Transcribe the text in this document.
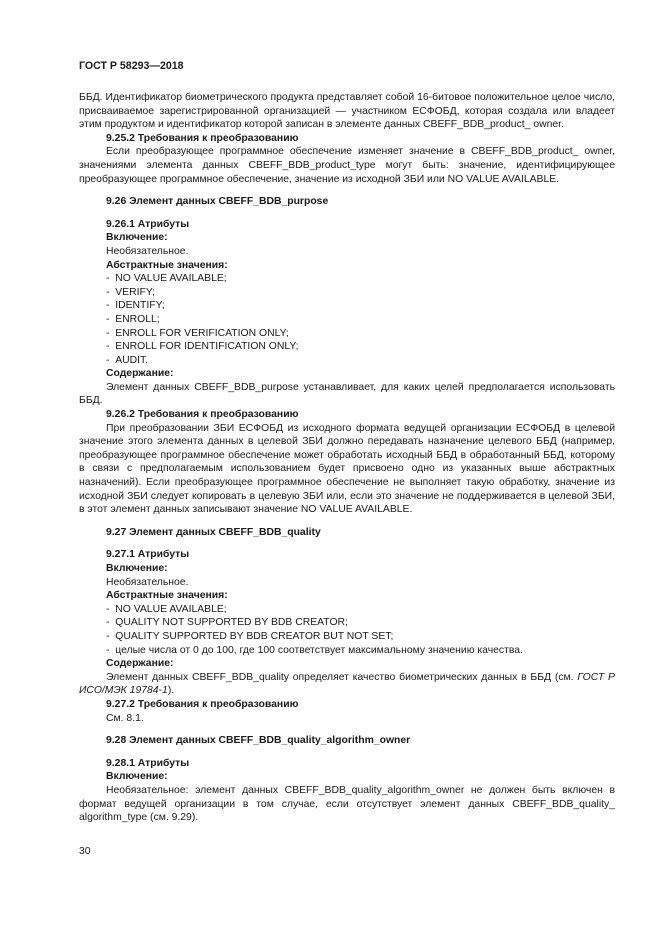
ГОСТ Р 58293—2018

ББД. Идентификатор биометрического продукта представляет собой 16-битовое положительное целое число, присваиваемое зарегистрированной организацией — участником ЕСФОБД, которая создала или владеет этим продуктом и идентификатор которой записан в элементе данных CBEFF_BDB_product_ owner.

9.25.2 Требования к преобразованию

Если преобразующее программное обеспечение изменяет значение в CBEFF_BDB_product_ owner, значениями элемента данных CBEFF_BDB_product_type могут быть: значение, идентифицирующее преобразующее программное обеспечение, значение из исходной ЗБИ или NO VALUE AVAILABLE.

9.26 Элемент данных CBEFF_BDB_purpose

9.26.1 Атрибуты

Включение:

Необязательное.

Абстрактные значения:

-  NO VALUE AVAILABLE;

-  VERIFY;

-  IDENTIFY;

-  ENROLL;

-  ENROLL FOR VERIFICATION ONLY;

-  ENROLL FOR IDENTIFICATION ONLY;

-  AUDIT.

Содержание:

Элемент данных CBEFF_BDB_purpose устанавливает, для каких целей предполагается использовать ББД.

9.26.2 Требования к преобразованию

При преобразовании ЗБИ ЕСФОБД из исходного формата ведущей организации ЕСФОБД в целевой значение этого элемента данных в целевой ЗБИ должно передавать назначение целевого ББД (например, преобразующее программное обеспечение может обработать исходный ББД в обработанный ББД, которому в связи с предполагаемым использованием будет присвоено одно из указанных выше абстрактных назначений). Если преобразующее программное обеспечение не выполняет такую обработку, значение из исходной ЗБИ следует копировать в целевую ЗБИ или, если это значение не поддерживается в целевой ЗБИ, в этот элемент данных записывают значение NO VALUE AVAILABLE.

9.27 Элемент данных CBEFF_BDB_quality

9.27.1 Атрибуты

Включение:

Необязательное.

Абстрактные значения:

-  NO VALUE AVAILABLE;

-  QUALITY NOT SUPPORTED BY BDB CREATOR;

-  QUALITY SUPPORTED BY BDB CREATOR BUT NOT SET;

-  целые числа от 0 до 100, где 100 соответствует максимальному значению качества.

Содержание:

Элемент данных CBEFF_BDB_quality определяет качество биометрических данных в ББД (см. ГОСТ Р ИСО/МЭК 19784-1).

9.27.2 Требования к преобразованию

См. 8.1.

9.28 Элемент данных CBEFF_BDB_quality_algorithm_owner

9.28.1 Атрибуты

Включение:

Необязательное: элемент данных CBEFF_BDB_quality_algorithm_owner не должен быть включен в формат ведущей организации в том случае, если отсутствует элемент данных CBEFF_BDB_quality_ algorithm_type (см. 9.29).

30
